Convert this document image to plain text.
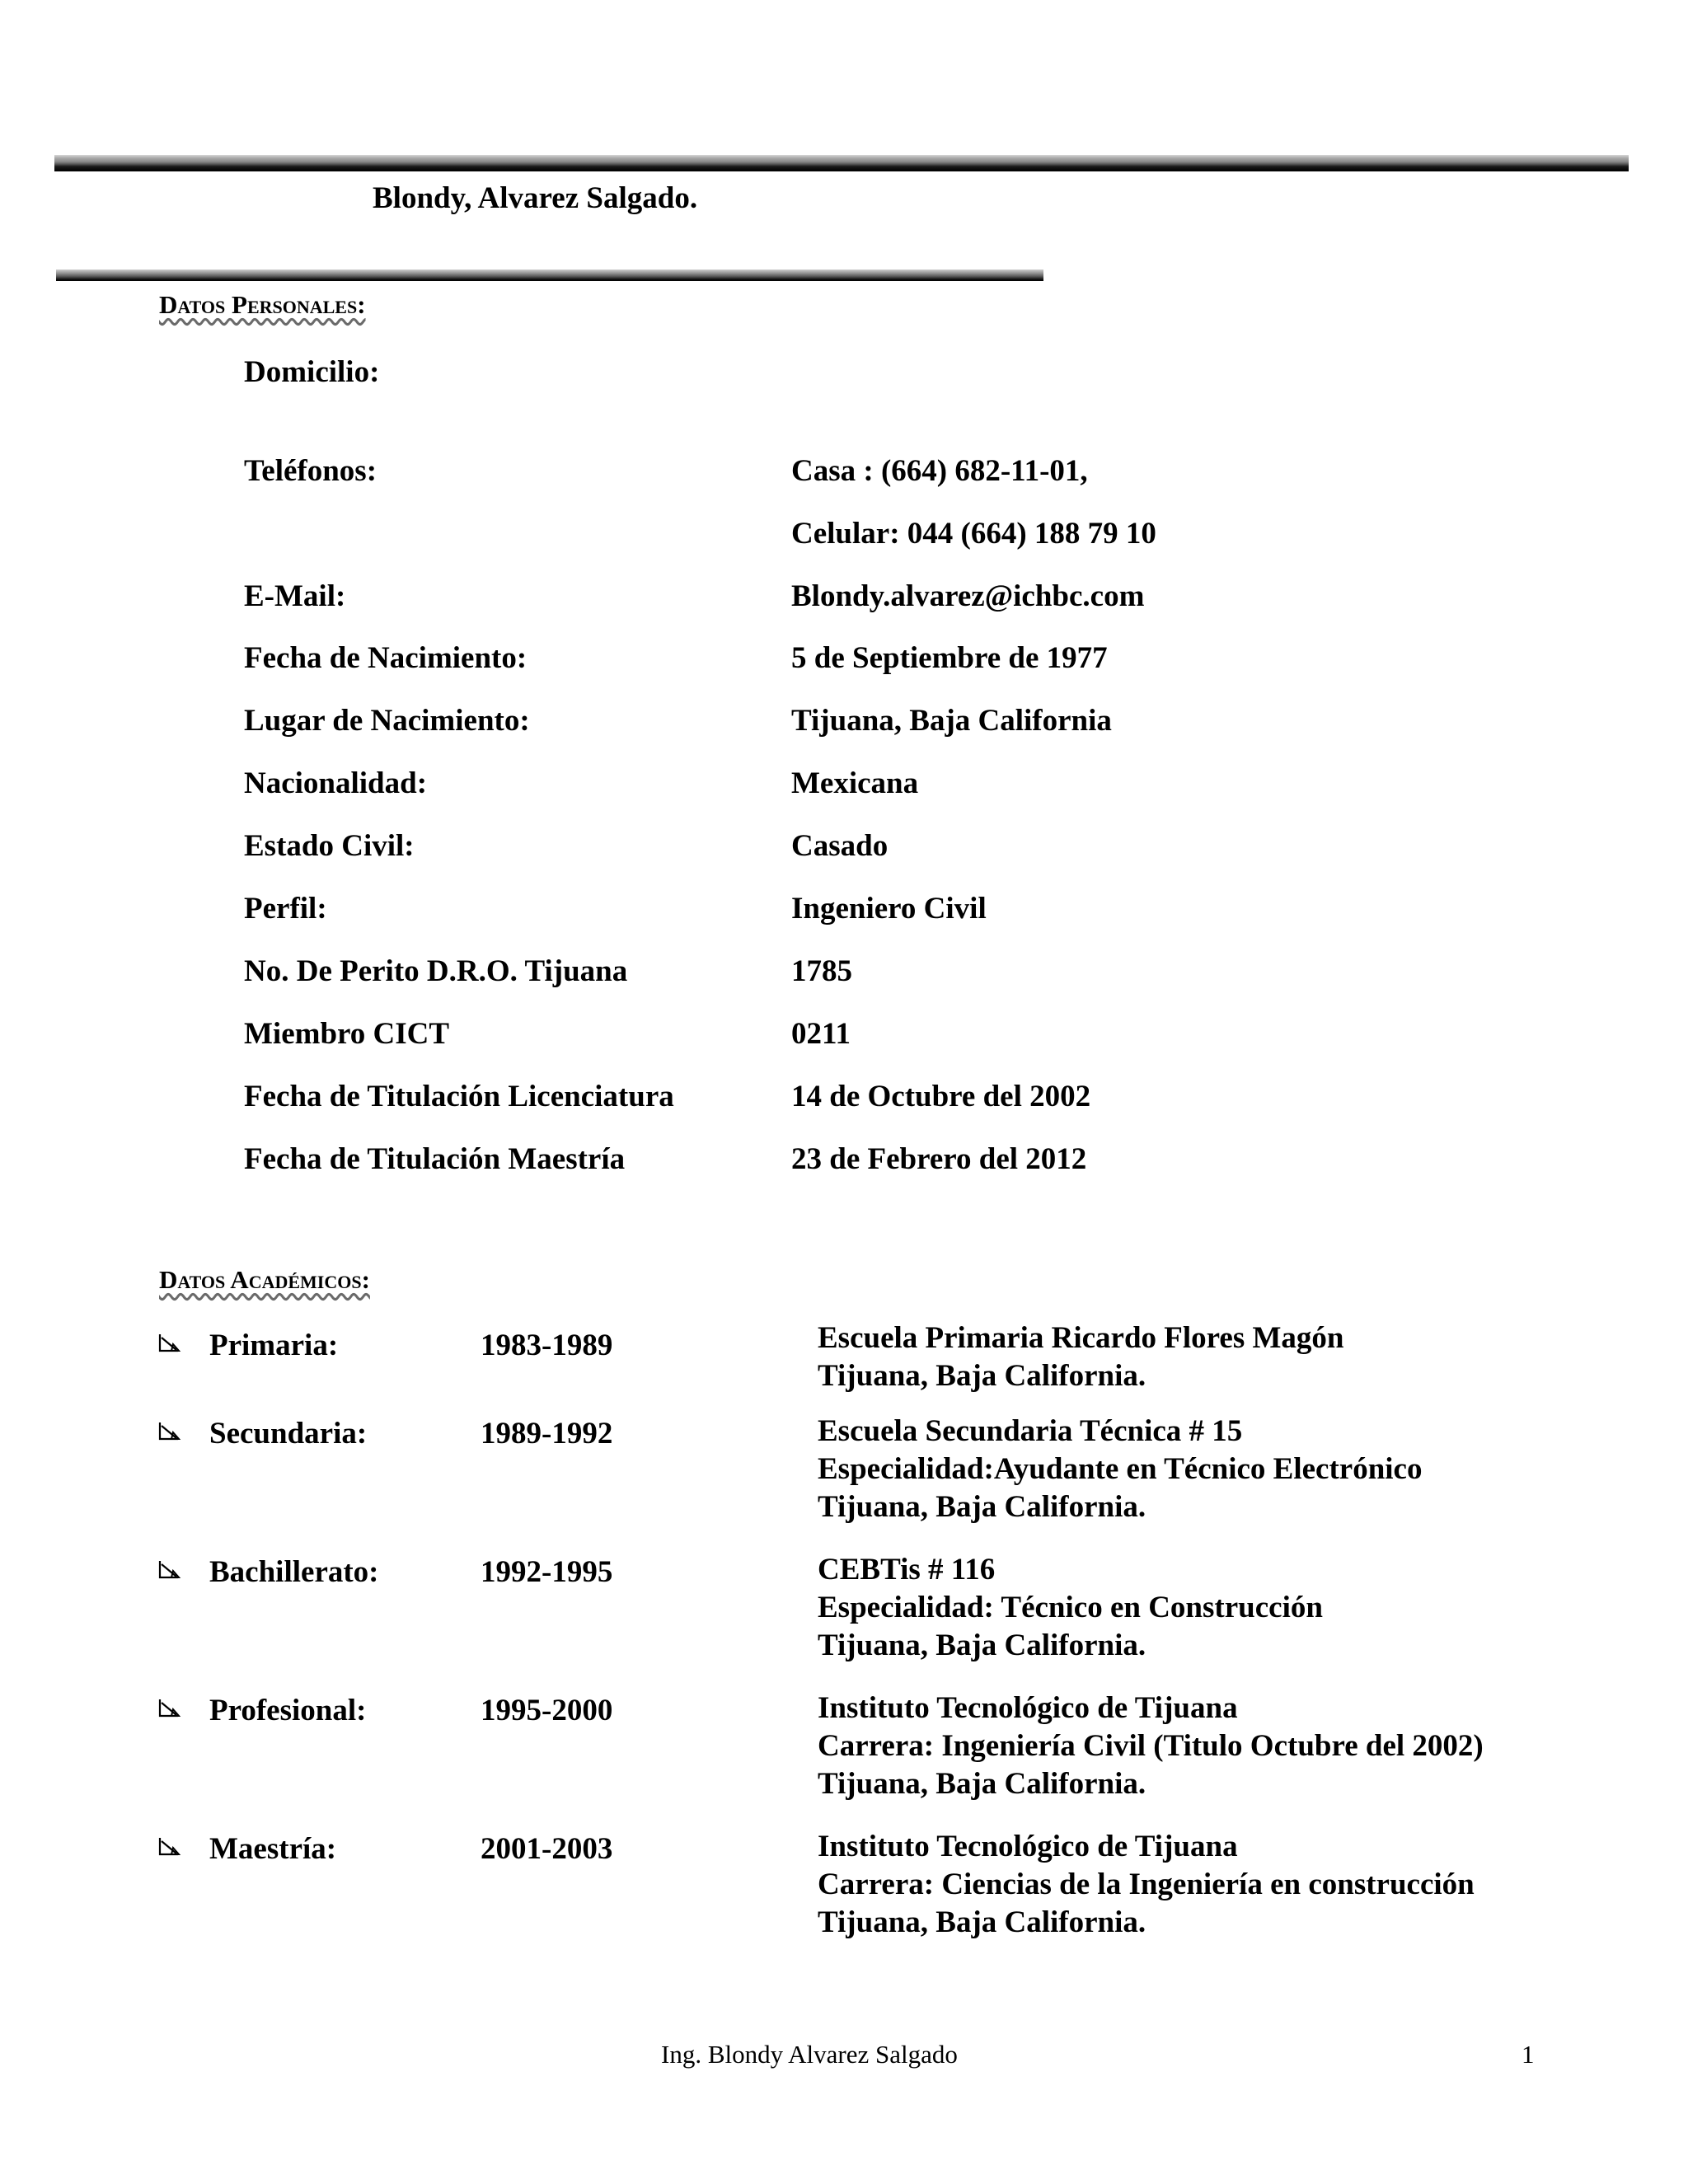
Blondy, Alvarez Salgado.
Datos Personales:
Domicilio:
Teléfonos:	Casa : (664) 682-11-01,
Celular: 044 (664) 188 79 10
E-Mail:	Blondy.alvarez@ichbc.com
Fecha de Nacimiento:	5 de Septiembre de 1977
Lugar de Nacimiento:	Tijuana, Baja California
Nacionalidad:	Mexicana
Estado Civil:	Casado
Perfil:	Ingeniero Civil
No. De Perito D.R.O. Tijuana	1785
Miembro CICT	0211
Fecha de Titulación Licenciatura	14 de Octubre del 2002
Fecha de Titulación Maestría	23 de Febrero del 2012
Datos Académicos:
Primaria:	1983-1989	Escuela Primaria Ricardo Flores Magón
Tijuana, Baja California.
Secundaria:	1989-1992	Escuela Secundaria Técnica # 15
Especialidad:Ayudante en Técnico Electrónico
Tijuana, Baja California.
Bachillerato:	1992-1995	CEBTis # 116
Especialidad: Técnico en Construcción
Tijuana, Baja California.
Profesional:	1995-2000	Instituto Tecnológico de Tijuana
Carrera: Ingeniería Civil (Titulo Octubre del 2002)
Tijuana, Baja California.
Maestría:	2001-2003	Instituto Tecnológico de Tijuana
Carrera: Ciencias de la Ingeniería en construcción
Tijuana, Baja California.
Ing. Blondy Alvarez Salgado	1
